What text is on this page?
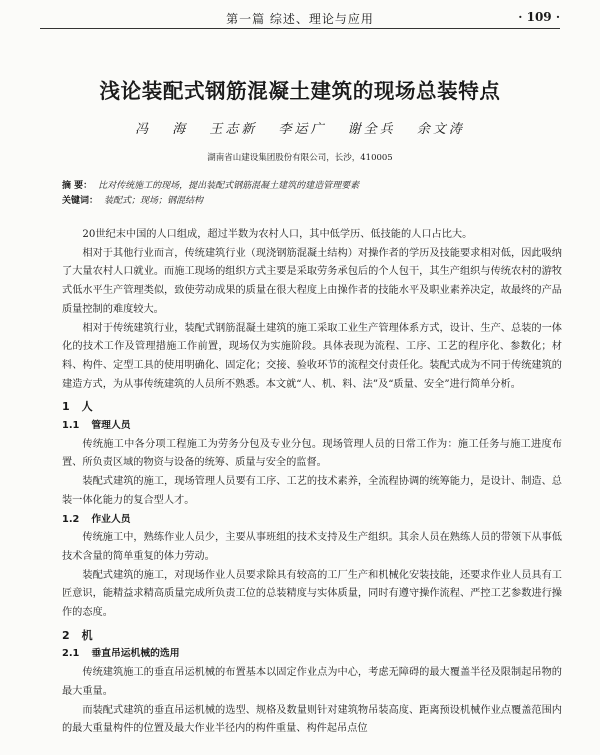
第一篇 综述、理论与应用	· 109 ·
浅论装配式钢筋混凝土建筑的现场总装特点
冯 海 王志新 李运广 谢全兵 余文涛
湖南省山建设集团股份有限公司，长沙，410005
摘 要： 比对传统施工的现场，提出装配式钢筋混凝土建筑的建造管理要素
关键词： 装配式；现场；钢混结构

20世纪末中国的人口组成，超过半数为农村人口，其中低学历、低技能的人口占比大。

相对于其他行业而言，传统建筑行业（现浇钢筋混凝土结构）对操作者的学历及技能要求相对低，因此吸纳了大量农村人口就业。而施工现场的组织方式主要是采取劳务承包后的个人包干，其生产组织与传统农村的游牧式低水平生产管理类似，致使劳动成果的质量在很大程度上由操作者的技能水平及职业素养决定，故最终的产品质量控制的难度较大。

相对于传统建筑行业，装配式钢筋混凝土建筑的施工采取工业生产管理体系方式，设计、生产、总装的一体化的技术工作及管理措施工作前置，现场仅为实施阶段。具体表现为流程、工序、工艺的程序化、参数化；材料、构件、定型工具的使用明确化、固定化；交接、验收环节的流程交付责任化。装配式成为不同于传统建筑的建造方式，为从事传统建筑的人员所不熟悉。本文就“人、机、料、法”及“质量、安全”进行简单分析。

1 人
1.1 管理人员

传统施工中各分项工程施工为劳务分包及专业分包。现场管理人员的日常工作为：施工任务与施工进度布置、所负责区域的物资与设备的统筹、质量与安全的监督。

装配式建筑的施工，现场管理人员要有工序、工艺的技术素养，全流程协调的统筹能力，是设计、制造、总装一体化能力的复合型人才。

1.2 作业人员

传统施工中，熟练作业人员少，主要从事班组的技术支持及生产组织。其余人员在熟练人员的带领下从事低技术含量的简单重复的体力劳动。

装配式建筑的施工，对现场作业人员要求除具有较高的工厂生产和机械化安装技能，还要求作业人员具有工匠意识，能精益求精高质量完成所负责工位的总装精度与实体质量，同时有遵守操作流程、严控工艺参数进行操作的态度。

2 机
2.1 垂直吊运机械的选用

传统建筑施工的垂直吊运机械的布置基本以固定作业点为中心，考虑无障碍的最大覆盖半径及限制起吊物的最大重量。

而装配式建筑的垂直吊运机械的选型、规格及数量则针对建筑物吊装高度、距离预设机械作业点覆盖范围内的最大重量构件的位置及最大作业半径内的构件重量、构件起吊点位
